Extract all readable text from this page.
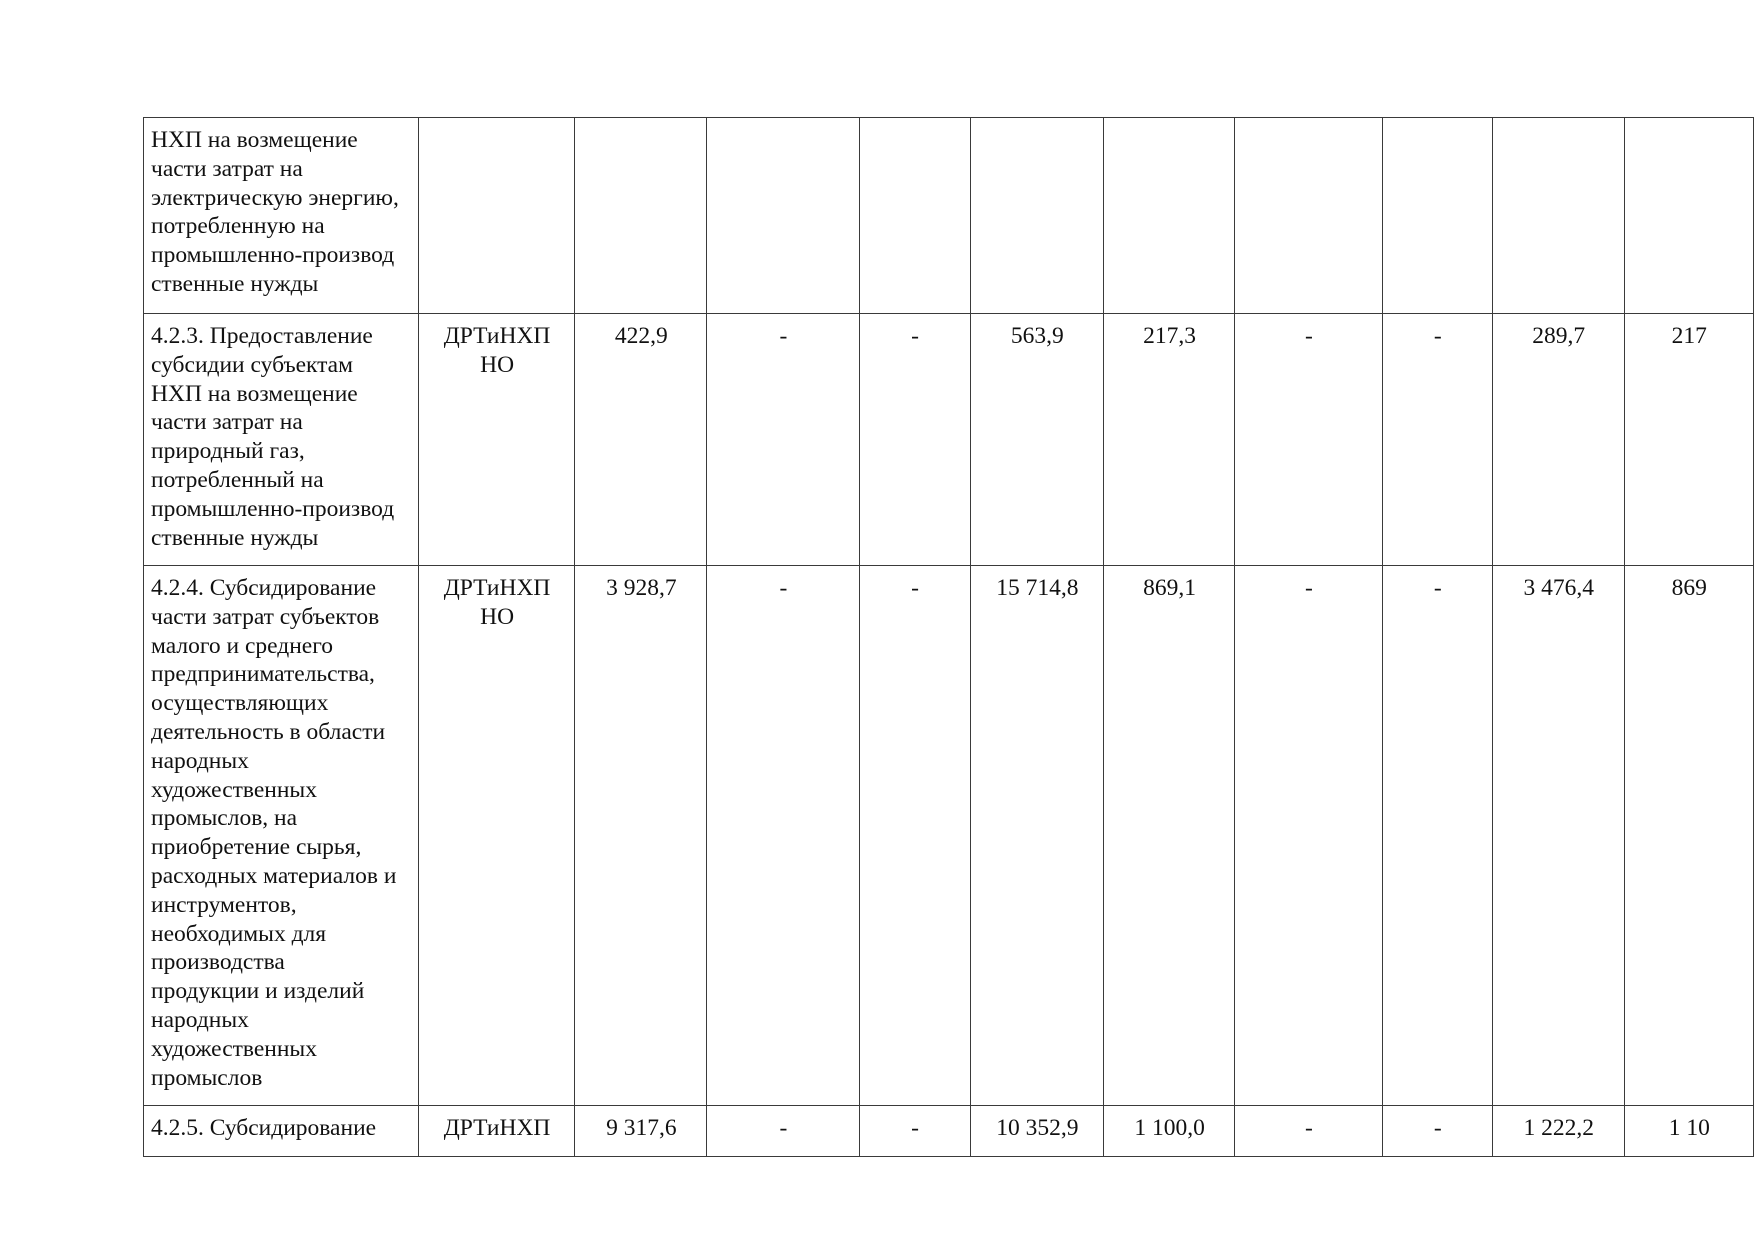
НХП на возмещение
части затрат на
электрическую энергию,
потребленную на
промышленно-производ
ственные нужды

4.2.3. Предоставление
субсидии субъектам
НХП на возмещение
части затрат на
природный газ,
потребленный на
промышленно-производ
ственные нужды
	ДРТиНХП НО	422,9	-	-	563,9	217,3	-	-	289,7	217

4.2.4. Субсидирование
части затрат субъектов
малого и среднего
предпринимательства,
осуществляющих
деятельность в области
народных
художественных
промыслов, на
приобретение сырья,
расходных материалов и
инструментов,
необходимых для
производства
продукции и изделий
народных
художественных
промыслов
	ДРТиНХП НО	3 928,7	-	-	15 714,8	869,1	-	-	3 476,4	869

4.2.5. Субсидирование	ДРТиНХП	9 317,6	-	-	10 352,9	1 100,0	-	-	1 222,2	1 10
